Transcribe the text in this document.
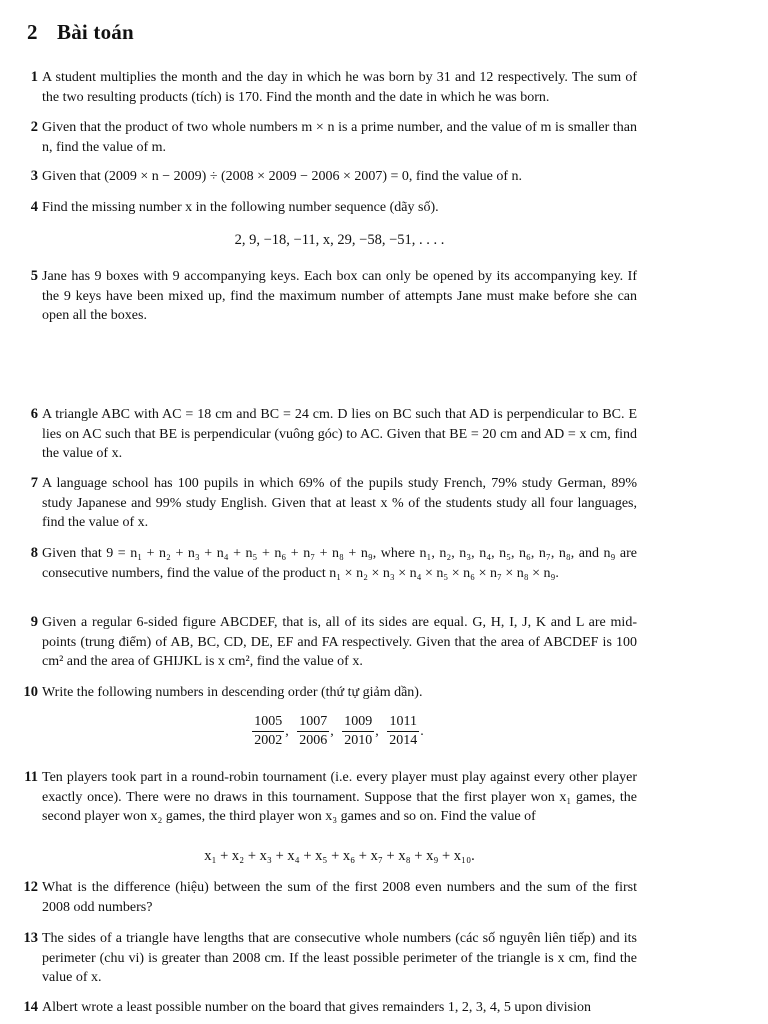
2 Bài toán
1 A student multiplies the month and the day in which he was born by 31 and 12 respectively. The sum of the two resulting products (tích) is 170. Find the month and the date in which he was born.
2 Given that the product of two whole numbers m × n is a prime number, and the value of m is smaller than n, find the value of m.
3 Given that (2009 × n − 2009) ÷ (2008 × 2009 − 2006 × 2007) = 0, find the value of n.
4 Find the missing number x in the following number sequence (dãy số).
2, 9, −18, −11, x, 29, −58, −51, . . . .
5 Jane has 9 boxes with 9 accompanying keys. Each box can only be opened by its accompanying key. If the 9 keys have been mixed up, find the maximum number of attempts Jane must make before she can open all the boxes.
6 A triangle ABC with AC = 18 cm and BC = 24 cm. D lies on BC such that AD is perpendicular to BC. E lies on AC such that BE is perpendicular (vuông góc) to AC. Given that BE = 20 cm and AD = x cm, find the value of x.
7 A language school has 100 pupils in which 69% of the pupils study French, 79% study German, 89% study Japanese and 99% study English. Given that at least x % of the students study all four languages, find the value of x.
8 Given that 9 = n₁ + n₂ + n₃ + n₄ + n₅ + n₆ + n₇ + n₈ + n₉, where n₁, n₂, n₃, n₄, n₅, n₆, n₇, n₈, and n₉ are consecutive numbers, find the value of the product n₁ × n₂ × n₃ × n₄ × n₅ × n₆ × n₇ × n₈ × n₉.
9 Given a regular 6-sided figure ABCDEF, that is, all of its sides are equal. G, H, I, J, K and L are mid-points (trung điểm) of AB, BC, CD, DE, EF and FA respectively. Given that the area of ABCDEF is 100 cm² and the area of GHIJKL is x cm², find the value of x.
10 Write the following numbers in descending order (thứ tự giảm dần).
$\frac{1005}{2002}$ , $\frac{1007}{2006}$ , $\frac{1009}{2010}$ , $\frac{1011}{2014}$ .
11 Ten players took part in a round-robin tournament (i.e. every player must play against every other player exactly once). There were no draws in this tournament. Suppose that the first player won x₁ games, the second player won x₂ games, the third player won x₃ games and so on. Find the value of
x₁ + x₂ + x₃ + x₄ + x₅ + x₆ + x₇ + x₈ + x₉ + x₁₀.
12 What is the difference (hiệu) between the sum of the first 2008 even numbers and the sum of the first 2008 odd numbers?
13 The sides of a triangle have lengths that are consecutive whole numbers (các số nguyên liên tiếp) and its perimeter (chu vi) is greater than 2008 cm. If the least possible perimeter of the triangle is x cm, find the value of x.
14 Albert wrote a least possible number on the board that gives remainders 1, 2, 3, 4, 5 upon division
